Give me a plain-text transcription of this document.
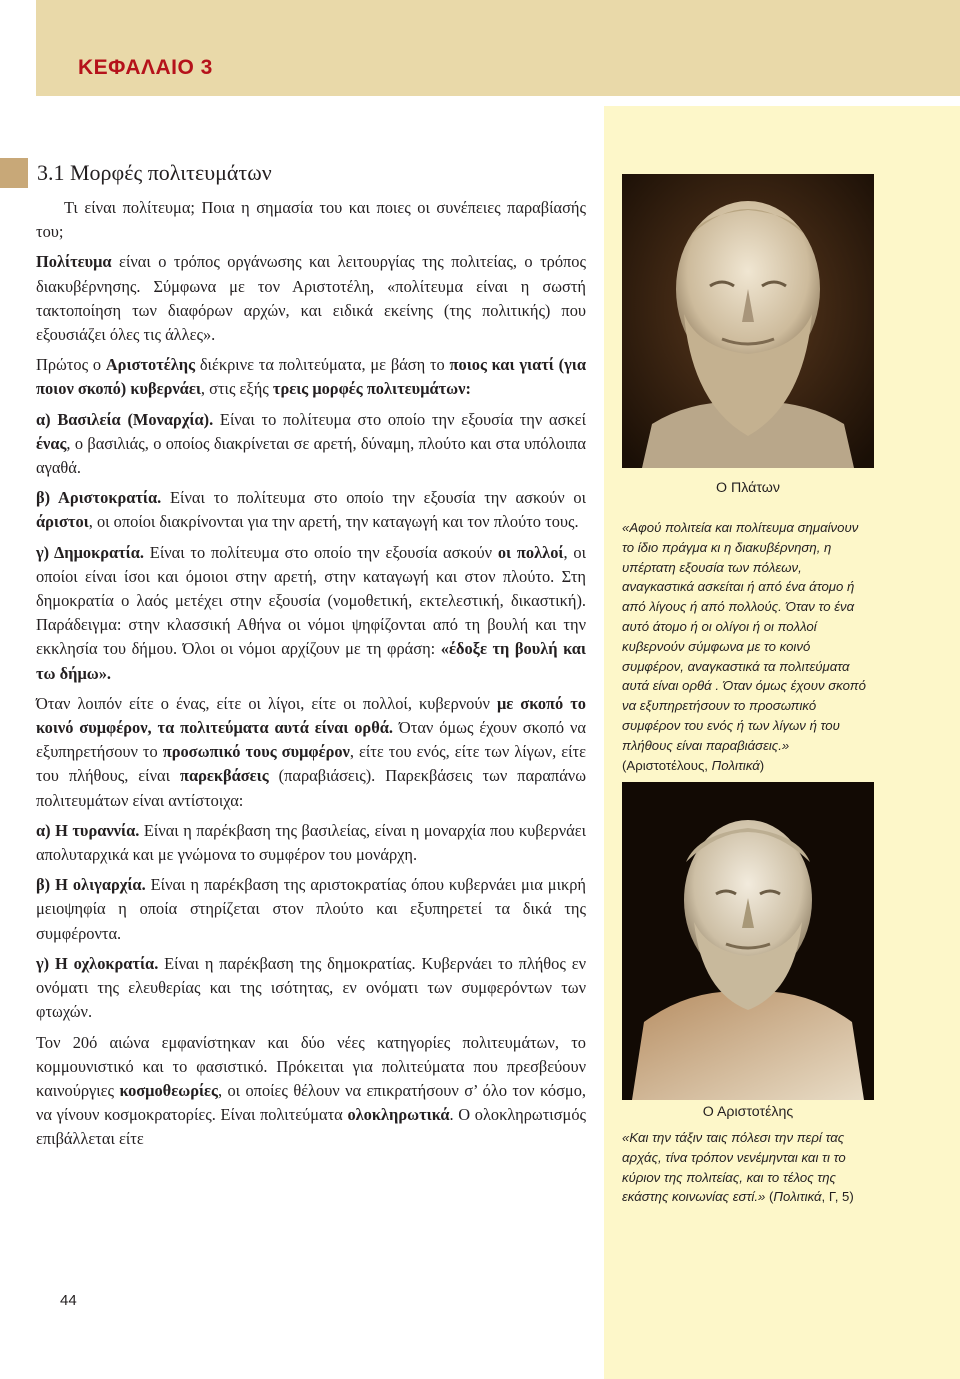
ΚΕΦΑΛΑΙΟ 3
3.1 Μορφές πολιτευμάτων

Τι είναι πολίτευμα; Ποια η σημασία του και ποιες οι συνέπειες παραβίασής του;

Πολίτευμα είναι ο τρόπος οργάνωσης και λειτουργίας της πολιτείας, ο τρόπος διακυβέρνησης. Σύμφωνα με τον Αριστοτέλη, «πολίτευμα είναι η σωστή τακτοποίηση των διαφόρων αρχών, και ειδικά εκείνης (της πολιτικής) που εξουσιάζει όλες τις άλλες».

Πρώτος ο Αριστοτέλης διέκρινε τα πολιτεύματα, με βάση το ποιος και γιατί (για ποιον σκοπό) κυβερνάει, στις εξής τρεις μορφές πολιτευμάτων:

α) Βασιλεία (Μοναρχία). Είναι το πολίτευμα στο οποίο την εξουσία την ασκεί ένας, ο βασιλιάς, ο οποίος διακρίνεται σε αρετή, δύναμη, πλούτο και στα υπόλοιπα αγαθά.

β) Αριστοκρατία. Είναι το πολίτευμα στο οποίο την εξουσία την ασκούν οι άριστοι, οι οποίοι διακρίνονται για την αρετή, την καταγωγή και τον πλούτο τους.

γ) Δημοκρατία. Είναι το πολίτευμα στο οποίο την εξουσία ασκούν οι πολλοί, οι οποίοι είναι ίσοι και όμοιοι στην αρετή, στην καταγωγή και στον πλούτο. Στη δημοκρατία ο λαός μετέχει στην εξουσία (νομοθετική, εκτελεστική, δικαστική). Παράδειγμα: στην κλασσική Αθήνα οι νόμοι ψηφίζονται από τη βουλή και την εκκλησία του δήμου. Όλοι οι νόμοι αρχίζουν με τη φράση: «έδοξε τη βουλή και τω δήμω».

Όταν λοιπόν είτε ο ένας, είτε οι λίγοι, είτε οι πολλοί, κυβερνούν με σκοπό το κοινό συμφέρον, τα πολιτεύματα αυτά είναι ορθά. Όταν όμως έχουν σκοπό να εξυπηρετήσουν το προσωπικό τους συμφέρον, είτε του ενός, είτε των λίγων, είτε του πλήθους, είναι παρεκβάσεις (παραβιάσεις). Παρεκβάσεις των παραπάνω πολιτευμάτων είναι αντίστοιχα:

α) Η τυραννία. Είναι η παρέκβαση της βασιλείας, είναι η μοναρχία που κυβερνάει απολυταρχικά και με γνώμονα το συμφέρον του μονάρχη.

β) Η ολιγαρχία. Είναι η παρέκβαση της αριστοκρατίας όπου κυβερνάει μια μικρή μειοψηφία η οποία στηρίζεται στον πλούτο και εξυπηρετεί τα δικά της συμφέροντα.

γ) Η οχλοκρατία. Είναι η παρέκβαση της δημοκρατίας. Κυβερνάει το πλήθος εν ονόματι της ελευθερίας και της ισότητας, εν ονόματι των συμφερόντων των φτωχών.

Τον 20ό αιώνα εμφανίστηκαν και δύο νέες κατηγορίες πολιτευμάτων, το κομμουνιστικό και το φασιστικό. Πρόκειται για πολιτεύματα που πρεσβεύουν καινούργιες κοσμοθεωρίες, οι οποίες θέλουν να επικρατήσουν σ’ όλο τον κόσμο, να γίνουν κοσμοκρατορίες. Είναι πολιτεύματα ολοκληρωτικά. Ο ολοκληρωτισμός επιβάλλεται είτε

Ο Πλάτων
«Αφού πολιτεία και πολίτευμα σημαίνουν το ίδιο πράγμα κι η διακυβέρνηση, η υπέρτατη εξουσία των πόλεων, αναγκαστικά ασκείται ή από ένα άτομο ή από λίγους ή από πολλούς. Όταν το ένα αυτό άτομο ή οι ολίγοι ή οι πολλοί κυβερνούν σύμφωνα με το κοινό συμφέρον, αναγκαστικά τα πολιτεύματα αυτά είναι ορθά . Όταν όμως έχουν σκοπό να εξυπηρετήσουν το προσωπικό συμφέρον του ενός ή των λίγων ή του πλήθους είναι παραβιάσεις.» (Αριστοτέλους, Πολιτικά)
Ο Αριστοτέλης
«Και την τάξιν ταις πόλεσι την περί τας αρχάς, τίνα τρόπον νενέμηνται και τι το κύριον της πολιτείας, και το τέλος της εκάστης κοινωνίας εστί.» (Πολιτικά, Γ, 5)
44
